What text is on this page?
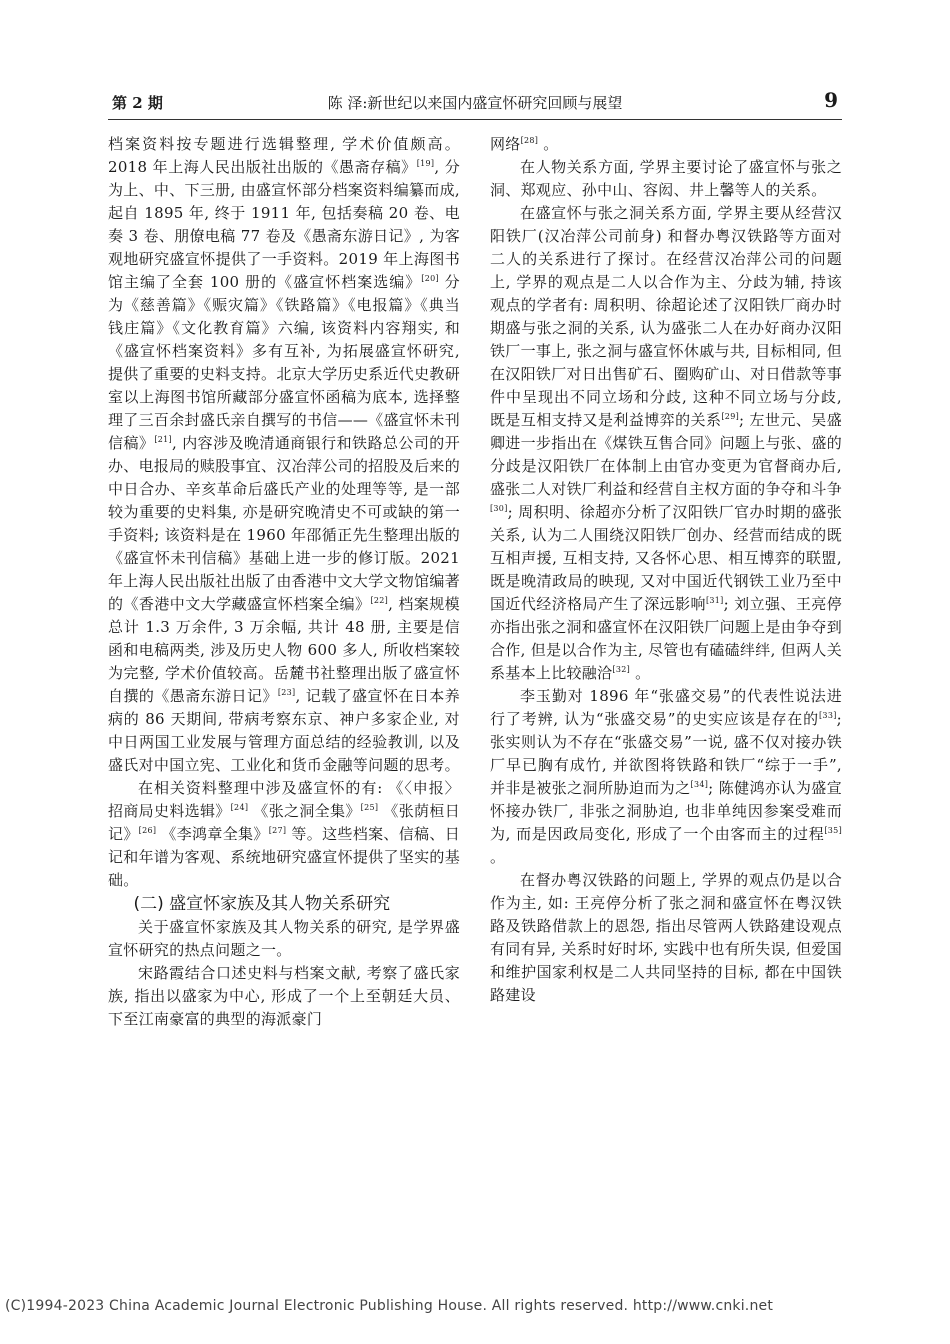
第 2 期	陈 泽:新世纪以来国内盛宣怀研究回顾与展望	9

档案资料按专题进行选辑整理, 学术价值颇高。2018 年上海人民出版社出版的《愚斋存稿》[19], 分为上、中、下三册, 由盛宣怀部分档案资料编纂而成, 起自 1895 年, 终于 1911 年, 包括奏稿 20 卷、电奏 3 卷、朋僚电稿 77 卷及《愚斋东游日记》, 为客观地研究盛宣怀提供了一手资料。2019 年上海图书馆主编了全套 100 册的《盛宣怀档案选编》[20] 分为《慈善篇》《赈灾篇》《铁路篇》《电报篇》《典当钱庄篇》《文化教育篇》六编, 该资料内容翔实, 和《盛宣怀档案资料》多有互补, 为拓展盛宣怀研究, 提供了重要的史料支持。北京大学历史系近代史教研室以上海图书馆所藏部分盛宣怀函稿为底本, 选择整理了三百余封盛氏亲自撰写的书信——《盛宣怀未刊信稿》[21], 内容涉及晚清通商银行和铁路总公司的开办、电报局的赎股事宜、汉冶萍公司的招股及后来的中日合办、辛亥革命后盛氏产业的处理等等, 是一部较为重要的史料集, 亦是研究晚清史不可或缺的第一手资料; 该资料是在 1960 年邵循正先生整理出版的《盛宣怀未刊信稿》基础上进一步的修订版。2021 年上海人民出版社出版了由香港中文大学文物馆编著的《香港中文大学藏盛宣怀档案全编》[22], 档案规模总计 1.3 万余件, 3 万余幅, 共计 48 册, 主要是信函和电稿两类, 涉及历史人物 600 多人, 所收档案较为完整, 学术价值较高。岳麓书社整理出版了盛宣怀自撰的《愚斋东游日记》[23], 记载了盛宣怀在日本养病的 86 天期间, 带病考察东京、神户多家企业, 对中日两国工业发展与管理方面总结的经验教训, 以及盛氏对中国立宪、工业化和货币金融等问题的思考。

在相关资料整理中涉及盛宣怀的有: 《〈申报〉招商局史料选辑》[24] 《张之洞全集》[25] 《张荫桓日记》[26] 《李鸿章全集》[27] 等。这些档案、信稿、日记和年谱为客观、系统地研究盛宣怀提供了坚实的基础。

(二) 盛宣怀家族及其人物关系研究

关于盛宣怀家族及其人物关系的研究, 是学界盛宣怀研究的热点问题之一。

宋路霞结合口述史料与档案文献, 考察了盛氏家族, 指出以盛家为中心, 形成了一个上至朝廷大员、下至江南豪富的典型的海派豪门

网络[28] 。

在人物关系方面, 学界主要讨论了盛宣怀与张之洞、郑观应、孙中山、容闳、井上馨等人的关系。

在盛宣怀与张之洞关系方面, 学界主要从经营汉阳铁厂(汉冶萍公司前身) 和督办粤汉铁路等方面对二人的关系进行了探讨。在经营汉冶萍公司的问题上, 学界的观点是二人以合作为主、分歧为辅, 持该观点的学者有: 周积明、徐超论述了汉阳铁厂商办时期盛与张之洞的关系, 认为盛张二人在办好商办汉阳铁厂一事上, 张之洞与盛宣怀休戚与共, 目标相同, 但在汉阳铁厂对日出售矿石、圈购矿山、对日借款等事件中呈现出不同立场和分歧, 这种不同立场与分歧, 既是互相支持又是利益博弈的关系[29]; 左世元、吴盛卿进一步指出在《煤铁互售合同》问题上与张、盛的分歧是汉阳铁厂在体制上由官办变更为官督商办后, 盛张二人对铁厂利益和经营自主权方面的争夺和斗争[30]; 周积明、徐超亦分析了汉阳铁厂官办时期的盛张关系, 认为二人围绕汉阳铁厂创办、经营而结成的既互相声援, 互相支持, 又各怀心思、相互博弈的联盟, 既是晚清政局的映现, 又对中国近代钢铁工业乃至中国近代经济格局产生了深远影响[31]; 刘立强、王亮停亦指出张之洞和盛宣怀在汉阳铁厂问题上是由争夺到合作, 但是以合作为主, 尽管也有磕磕绊绊, 但两人关系基本上比较融洽[32] 。

李玉勤对 1896 年“张盛交易”的代表性说法进行了考辨, 认为“张盛交易”的史实应该是存在的[33]; 张实则认为不存在“张盛交易”一说, 盛不仅对接办铁厂早已胸有成竹, 并欲图将铁路和铁厂“综于一手”, 并非是被张之洞所胁迫而为之[34]; 陈健鸿亦认为盛宣怀接办铁厂, 非张之洞胁迫, 也非单纯因参案受难而为, 而是因政局变化, 形成了一个由客而主的过程[35] 。

在督办粤汉铁路的问题上, 学界的观点仍是以合作为主, 如: 王亮停分析了张之洞和盛宣怀在粤汉铁路及铁路借款上的恩怨, 指出尽管两人铁路建设观点有同有异, 关系时好时坏, 实践中也有所失误, 但爱国和维护国家利权是二人共同坚持的目标, 都在中国铁路建设

(C)1994-2023 China Academic Journal Electronic Publishing House. All rights reserved. http://www.cnki.net
